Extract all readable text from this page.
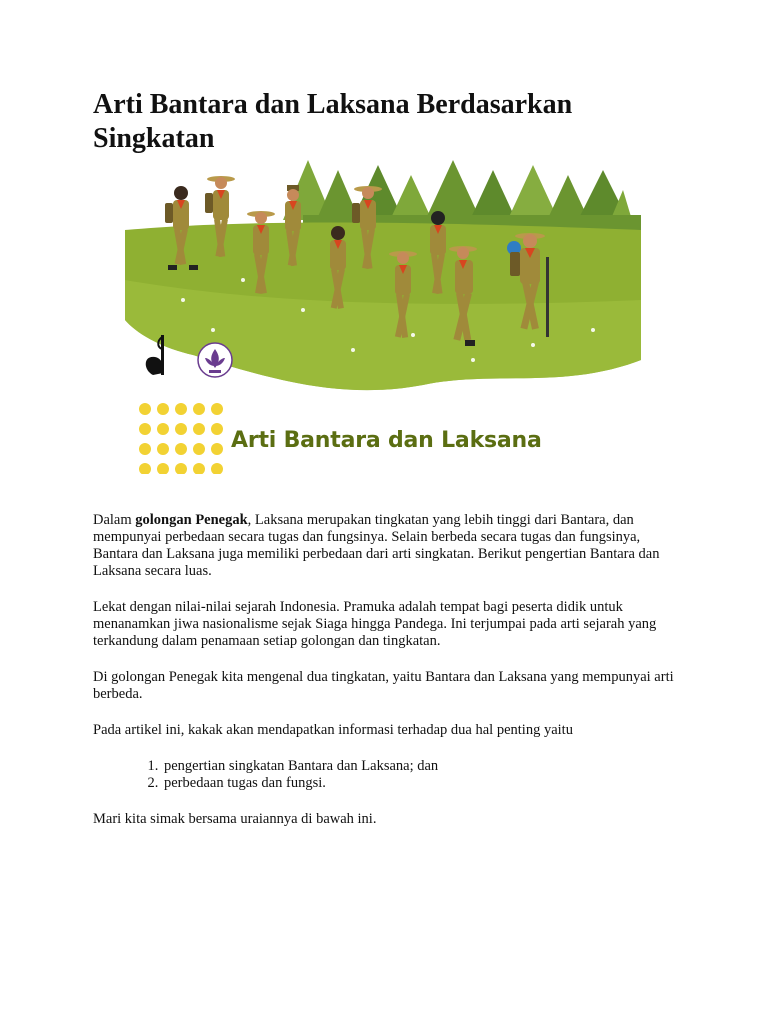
Arti Bantara dan Laksana Berdasarkan Singkatan
Arti Bantara dan Laksana

Dalam golongan Penegak, Laksana merupakan tingkatan yang lebih tinggi dari Bantara, dan mempunyai perbedaan secara tugas dan fungsinya. Selain berbeda secara tugas dan fungsinya, Bantara dan Laksana juga memiliki perbedaan dari arti singkatan. Berikut pengertian Bantara dan Laksana secara luas.

Lekat dengan nilai-nilai sejarah Indonesia. Pramuka adalah tempat bagi peserta didik untuk menanamkan jiwa nasionalisme sejak Siaga hingga Pandega. Ini terjumpai pada arti sejarah yang terkandung dalam penamaan setiap golongan dan tingkatan.

Di golongan Penegak kita mengenal dua tingkatan, yaitu Bantara dan Laksana yang mempunyai arti berbeda.

Pada artikel ini, kakak akan mendapatkan informasi terhadap dua hal penting yaitu

1. pengertian singkatan Bantara dan Laksana; dan
2. perbedaan tugas dan fungsi.

Mari kita simak bersama uraiannya di bawah ini.
